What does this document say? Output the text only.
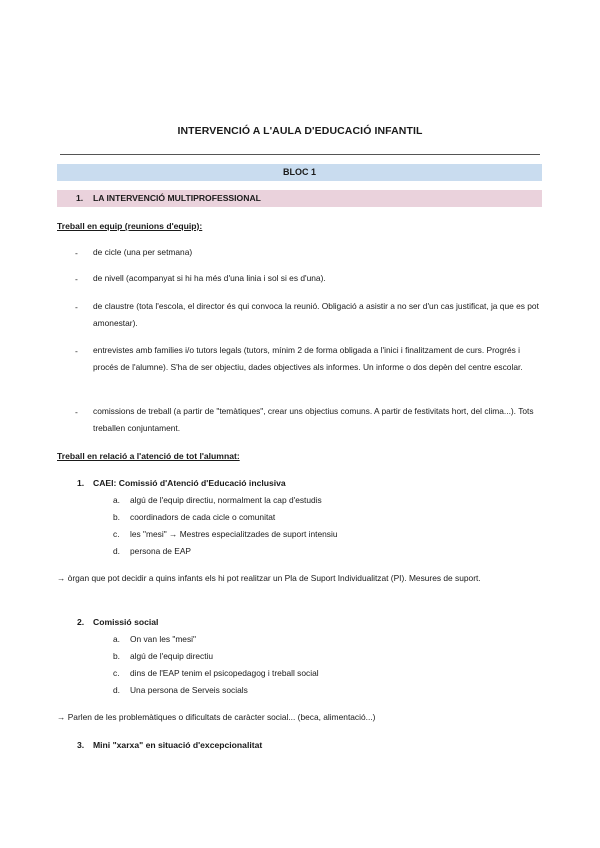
INTERVENCIÓ A L'AULA D'EDUCACIÓ INFANTIL
BLOC 1
1. LA INTERVENCIÓ MULTIPROFESSIONAL
Treball en equip (reunions d'equip):
- de cicle (una per setmana)
- de nivell (acompanyat si hi ha més d'una linia i sol si es d'una).
- de claustre (tota l'escola, el director és qui convoca la reunió. Obligació a asistir a no ser d'un cas justificat, ja que es pot amonestar).
- entrevistes amb families i/o tutors legals (tutors, mínim 2 de forma obligada a l'inici i finalitzament de curs. Progrés i procés de l'alumne). S'ha de ser objectiu, dades objectives als informes. Un informe o dos depèn del centre escolar.
- comissions de treball (a partir de "temàtiques", crear uns objectius comuns. A partir de festivitats hort, del clima...). Tots treballen conjuntament.
Treball en relació a l'atenció de tot l'alumnat:
1. CAEI: Comissió d'Atenció d'Educació inclusiva
a. algú de l'equip directiu, normalment la cap d'estudis
b. coordinadors de cada cicle o comunitat
c. les "mesi" → Mestres especialitzades de suport intensiu
d. persona de EAP
→ òrgan que pot decidir a quins infants els hi pot realitzar un Pla de Suport Individualitzat (PI). Mesures de suport.
2. Comissió social
a. On van les "mesi"
b. algú de l'equip directiu
c. dins de l'EAP tenim el psicopedagog i treball social
d. Una persona de Serveis socials
→ Parlen de les problemàtiques o dificultats de caràcter social... (beca, alimentació...)
3. Mini "xarxa" en situació d'excepcionalitat
